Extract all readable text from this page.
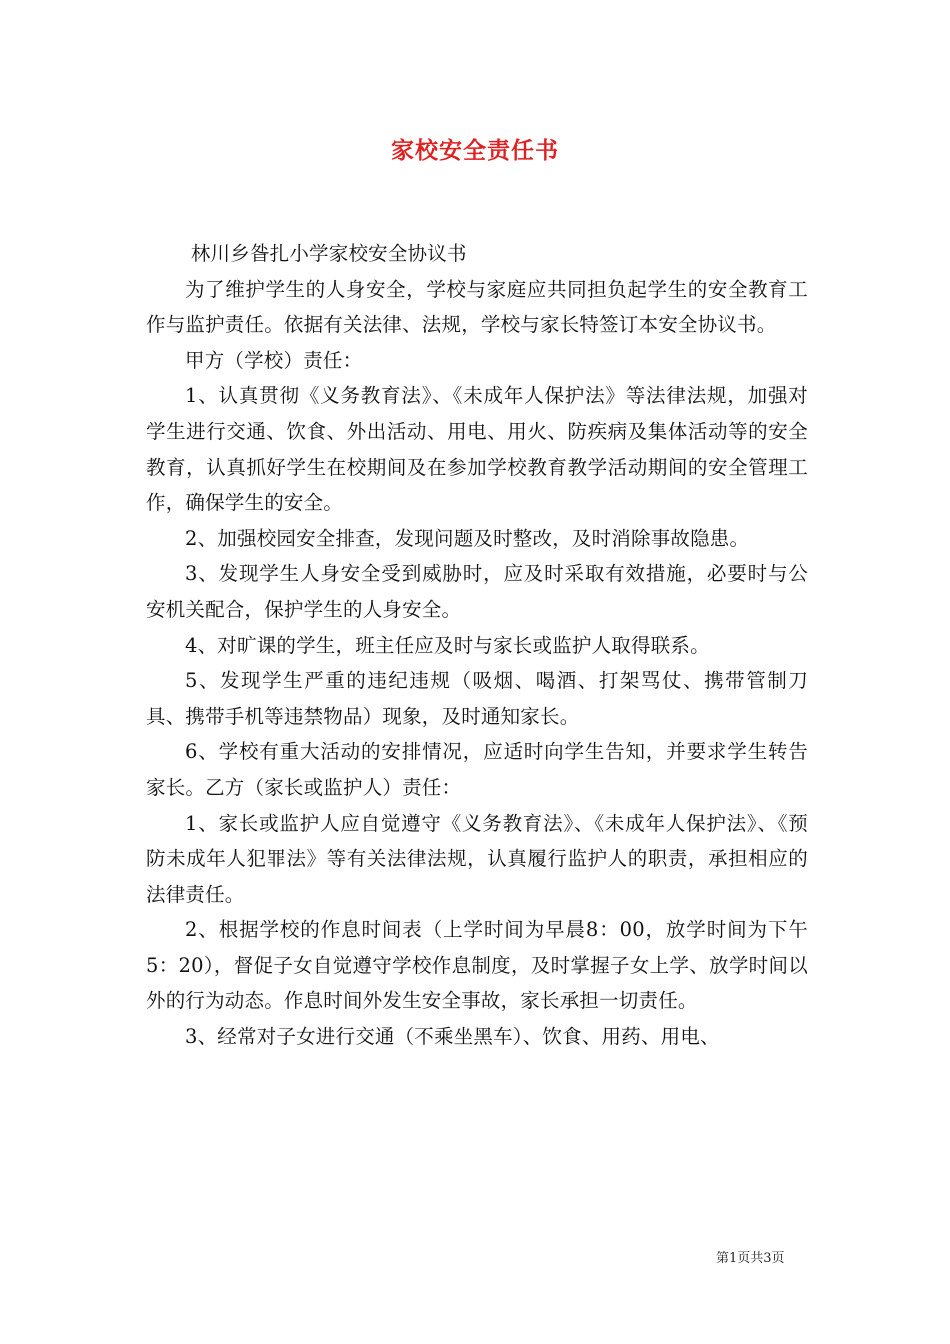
家校安全责任书

林川乡昝扎小学家校安全协议书

为了维护学生的人身安全，学校与家庭应共同担负起学生的安全教育工作与监护责任。依据有关法律、法规，学校与家长特签订本安全协议书。

甲方（学校）责任：

1、认真贯彻《义务教育法》、《未成年人保护法》等法律法规，加强对学生进行交通、饮食、外出活动、用电、用火、防疾病及集体活动等的安全教育，认真抓好学生在校期间及在参加学校教育教学活动期间的安全管理工作，确保学生的安全。

2、加强校园安全排查，发现问题及时整改，及时消除事故隐患。

3、发现学生人身安全受到威胁时，应及时采取有效措施，必要时与公安机关配合，保护学生的人身安全。

4、对旷课的学生，班主任应及时与家长或监护人取得联系。

5、发现学生严重的违纪违规（吸烟、喝酒、打架骂仗、携带管制刀具、携带手机等违禁物品）现象，及时通知家长。

6、学校有重大活动的安排情况，应适时向学生告知，并要求学生转告家长。乙方（家长或监护人）责任：

1、家长或监护人应自觉遵守《义务教育法》、《未成年人保护法》、《预防未成年人犯罪法》等有关法律法规，认真履行监护人的职责，承担相应的法律责任。

2、根据学校的作息时间表（上学时间为早晨8：00，放学时间为下午5：20），督促子女自觉遵守学校作息制度，及时掌握子女上学、放学时间以外的行为动态。作息时间外发生安全事故，家长承担一切责任。

3、经常对子女进行交通（不乘坐黑车）、饮食、用药、用电、

第1页共3页
